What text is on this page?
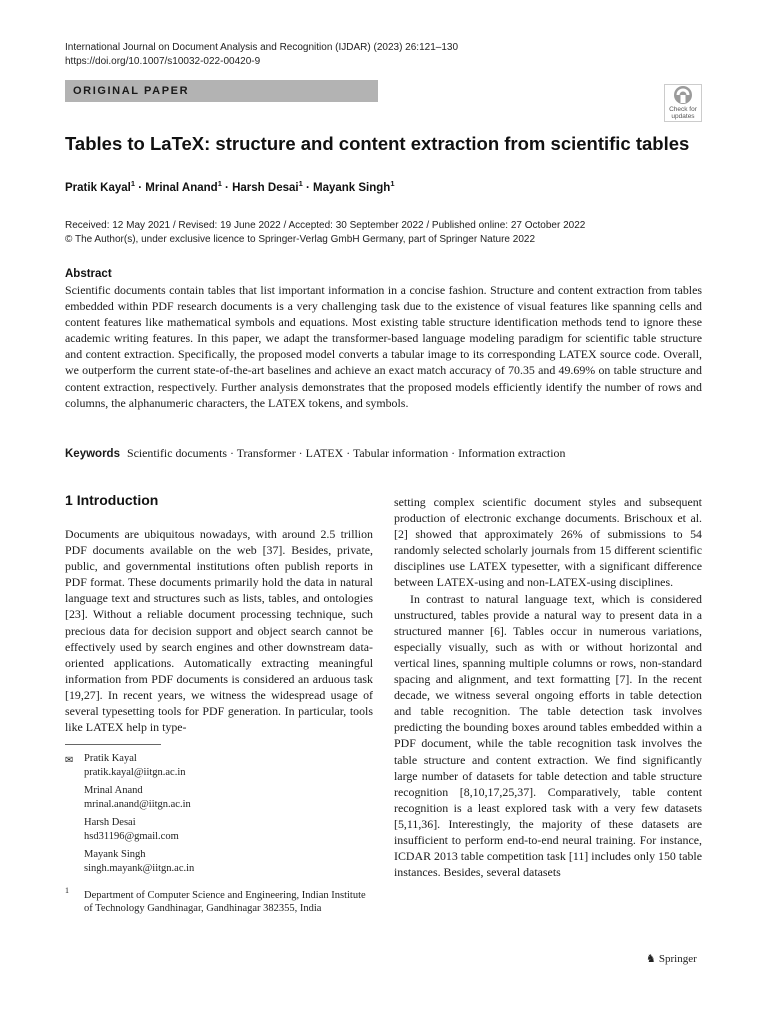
International Journal on Document Analysis and Recognition (IJDAR) (2023) 26:121–130
https://doi.org/10.1007/s10032-022-00420-9
ORIGINAL PAPER
Check for
updates
Tables to LaTeX: structure and content extraction from scientific tables
Pratik Kayal$^1$ · Mrinal Anand$^1$ · Harsh Desai$^1$ · Mayank Singh$^1$
Received: 12 May 2021 / Revised: 19 June 2022 / Accepted: 30 September 2022 / Published online: 27 October 2022
© The Author(s), under exclusive licence to Springer-Verlag GmbH Germany, part of Springer Nature 2022
Abstract
Scientific documents contain tables that list important information in a concise fashion. Structure and content extraction from tables embedded within PDF research documents is a very challenging task due to the existence of visual features like spanning cells and content features like mathematical symbols and equations. Most existing table structure identification methods tend to ignore these academic writing features. In this paper, we adapt the transformer-based language modeling paradigm for scientific table structure and content extraction. Specifically, the proposed model converts a tabular image to its corresponding LATEX source code. Overall, we outperform the current state-of-the-art baselines and achieve an exact match accuracy of 70.35 and 49.69% on table structure and content extraction, respectively. Further analysis demonstrates that the proposed models efficiently identify the number of rows and columns, the alphanumeric characters, the LATEX tokens, and symbols.
Keywords Scientific documents · Transformer · LATEX · Tabular information · Information extraction
1 Introduction

Documents are ubiquitous nowadays, with around 2.5 trillion PDF documents available on the web [37]. Besides, private, public, and governmental institutions often publish reports in PDF format. These documents primarily hold the data in natural language text and structures such as lists, tables, and ontologies [23]. Without a reliable document processing technique, such precious data for decision support and object search cannot be effectively used by search engines and other downstream data-oriented applications. Automatically extracting meaningful information from PDF documents is considered an arduous task [19,27]. In recent years, we witness the widespread usage of several typesetting tools for PDF generation. In particular, tools like LATEX help in type-

setting complex scientific document styles and subsequent production of electronic exchange documents. Brischoux et al. [2] showed that approximately 26% of submissions to 54 randomly selected scholarly journals from 15 different scientific disciplines use LATEX typesetter, with a significant difference between LATEX-using and non-LATEX-using disciplines.

In contrast to natural language text, which is considered unstructured, tables provide a natural way to present data in a structured manner [6]. Tables occur in numerous variations, especially visually, such as with or without horizontal and vertical lines, spanning multiple columns or rows, non-standard spacing and alignment, and text formatting [7]. In the recent decade, we witness several ongoing efforts in table detection and table recognition. The table detection task involves predicting the bounding boxes around tables embedded within a PDF document, while the table recognition task involves the table structure and content extraction. We find significantly large number of datasets for table detection and table structure recognition [8,10,17,25,37]. Comparatively, table content recognition is a least explored task with a very few datasets [5,11,36]. Interestingly, the majority of these datasets are insufficient to perform end-to-end neural training. For instance, ICDAR 2013 table competition task [11] includes only 150 table instances. Besides, several datasets

✉ Pratik Kayal
pratik.kayal@iitgn.ac.in
Mrinal Anand
mrinal.anand@iitgn.ac.in
Harsh Desai
hsd31196@gmail.com
Mayank Singh
singh.mayank@iitgn.ac.in
1 Department of Computer Science and Engineering, Indian Institute of Technology Gandhinagar, Gandhinagar 382355, India
♞ Springer
